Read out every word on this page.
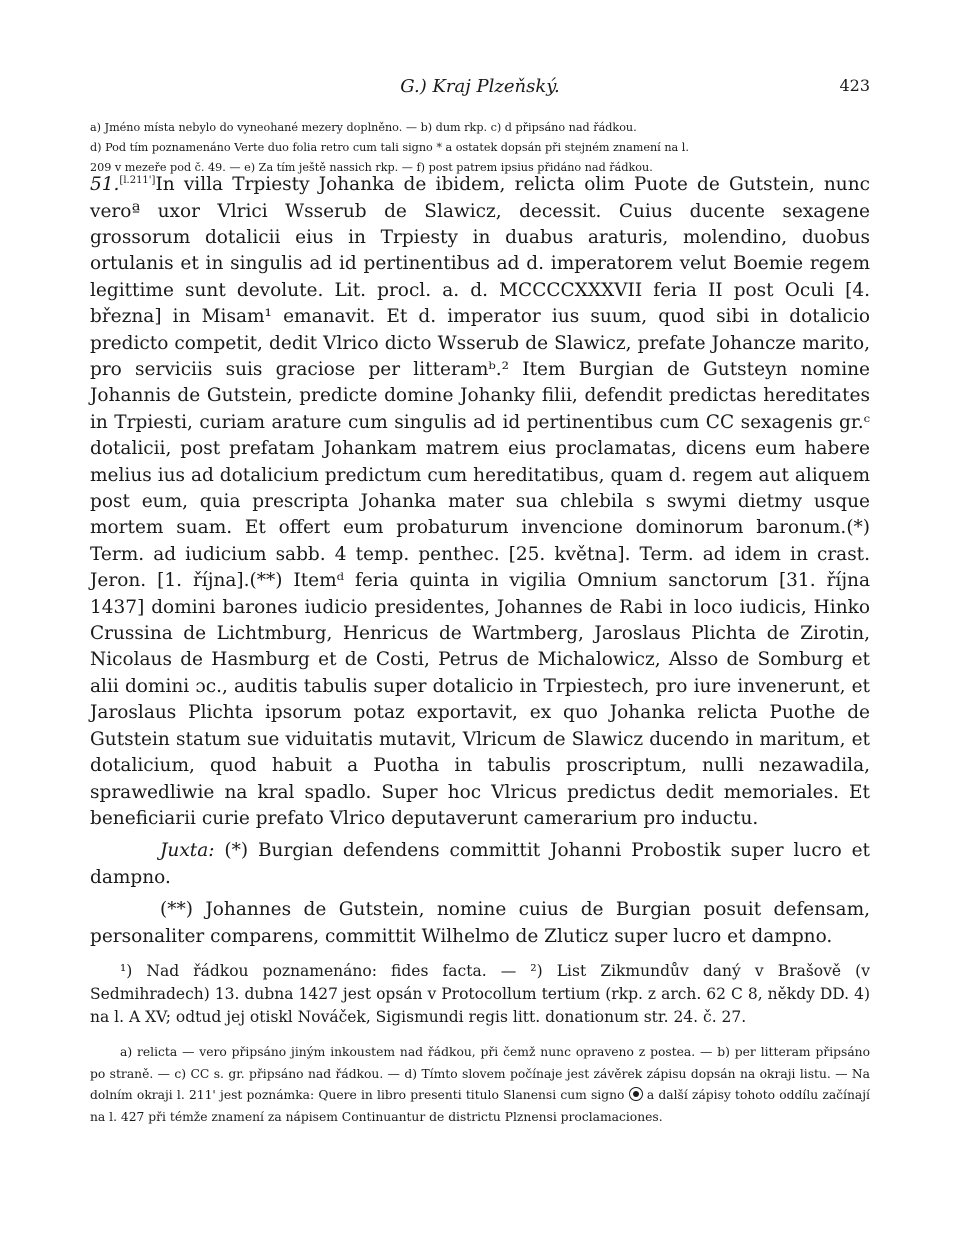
G.) Kraj Plzeňský.	423

a) Jméno místa nebylo do vyneohané mezery doplněno. — b) dum rkp. c) d připsáno nad řádkou.

d) Pod tím poznamenáno Verte duo folia retro cum tali signo * a ostatek dopsán při stejném znamení na l.

209 v mezeře pod č. 49. — e) Za tím ještě nassich rkp. — f) post patrem ipsius přidáno nad řádkou.

51.[l.211']In villa Trpiesty Johanka de ibidem, relicta olim Puote de Gutstein, nunc veroª uxor Vlrici Wsserub de Slawicz, decessit. Cuius ducente sexagene grossorum dotalicii eius in Trpiesty in duabus araturis, molendino, duobus ortulanis et in singulis ad id pertinentibus ad d. imperatorem velut Boemie regem legittime sunt devolute. Lit. procl. a. d. MCCCCXXXVII feria II post Oculi [4. března] in Misam¹ emanavit. Et d. imperator ius suum, quod sibi in dotalicio predicto competit, dedit Vlrico dicto Wsserub de Slawicz, prefate Johancze marito, pro serviciis suis graciose per litteramᵇ.² Item Burgian de Gutsteyn nomine Johannis de Gutstein, predicte domine Johanky filii, defendit predictas hereditates in Trpiesti, curiam arature cum singulis ad id pertinentibus cum CC sexagenis gr.ᶜ dotalicii, post prefatam Johankam matrem eius proclamatas, dicens eum habere melius ius ad dotalicium predictum cum hereditatibus, quam d. regem aut aliquem post eum, quia prescripta Johanka mater sua chlebila s swymi dietmy usque mortem suam. Et offert eum probaturum invencione dominorum baronum.(*) Term. ad iudicium sabb. 4 temp. penthec. [25. května]. Term. ad idem in crast. Jeron. [1. října].(**) Itemᵈ feria quinta in vigilia Omnium sanctorum [31. října 1437] domini barones iudicio presidentes, Johannes de Rabi in loco iudicis, Hinko Crussina de Lichtmburg, Henricus de Wartmberg, Jaroslaus Plichta de Zirotin, Nicolaus de Hasmburg et de Costi, Petrus de Michalowicz, Alsso de Somburg et alii domini ɔc., auditis tabulis super dotalicio in Trpiestech, pro iure invenerunt, et Jaroslaus Plichta ipsorum potaz exportavit, ex quo Johanka relicta Puothe de Gutstein statum sue viduitatis mutavit, Vlricum de Slawicz ducendo in maritum, et dotalicium, quod habuit a Puotha in tabulis proscriptum, nulli nezawadila, sprawedliwie na kral spadlo. Super hoc Vlricus predictus dedit memoriales. Et beneficiarii curie prefato Vlrico deputaverunt camerarium pro inductu.

Juxta: (*) Burgian defendens committit Johanni Probostik super lucro et dampno.

(**) Johannes de Gutstein, nomine cuius de Burgian posuit defensam, personaliter comparens, committit Wilhelmo de Zluticz super lucro et dampno.

¹) Nad řádkou poznamenáno: fides facta. — ²) List Zikmundův daný v Brašově (v Sedmihradech) 13. dubna 1427 jest opsán v Protocollum tertium (rkp. z arch. 62 C 8, někdy DD. 4) na l. A XV; odtud jej otiskl Nováček, Sigismundi regis litt. donationum str. 24. č. 27.

a) relicta — vero připsáno jiným inkoustem nad řádkou, při čemž nunc opraveno z postea. — b) per litteram připsáno po straně. — c) CC s. gr. připsáno nad řádkou. — d) Tímto slovem počínaje jest závěrek zápisu dopsán na okraji listu. — Na dolním okraji l. 211' jest poznámka: Quere in libro presenti titulo Slanensi cum signo a další zápisy tohoto oddílu začínají na l. 427 při témže znamení za nápisem Continuantur de districtu Plznensi proclamaciones.
